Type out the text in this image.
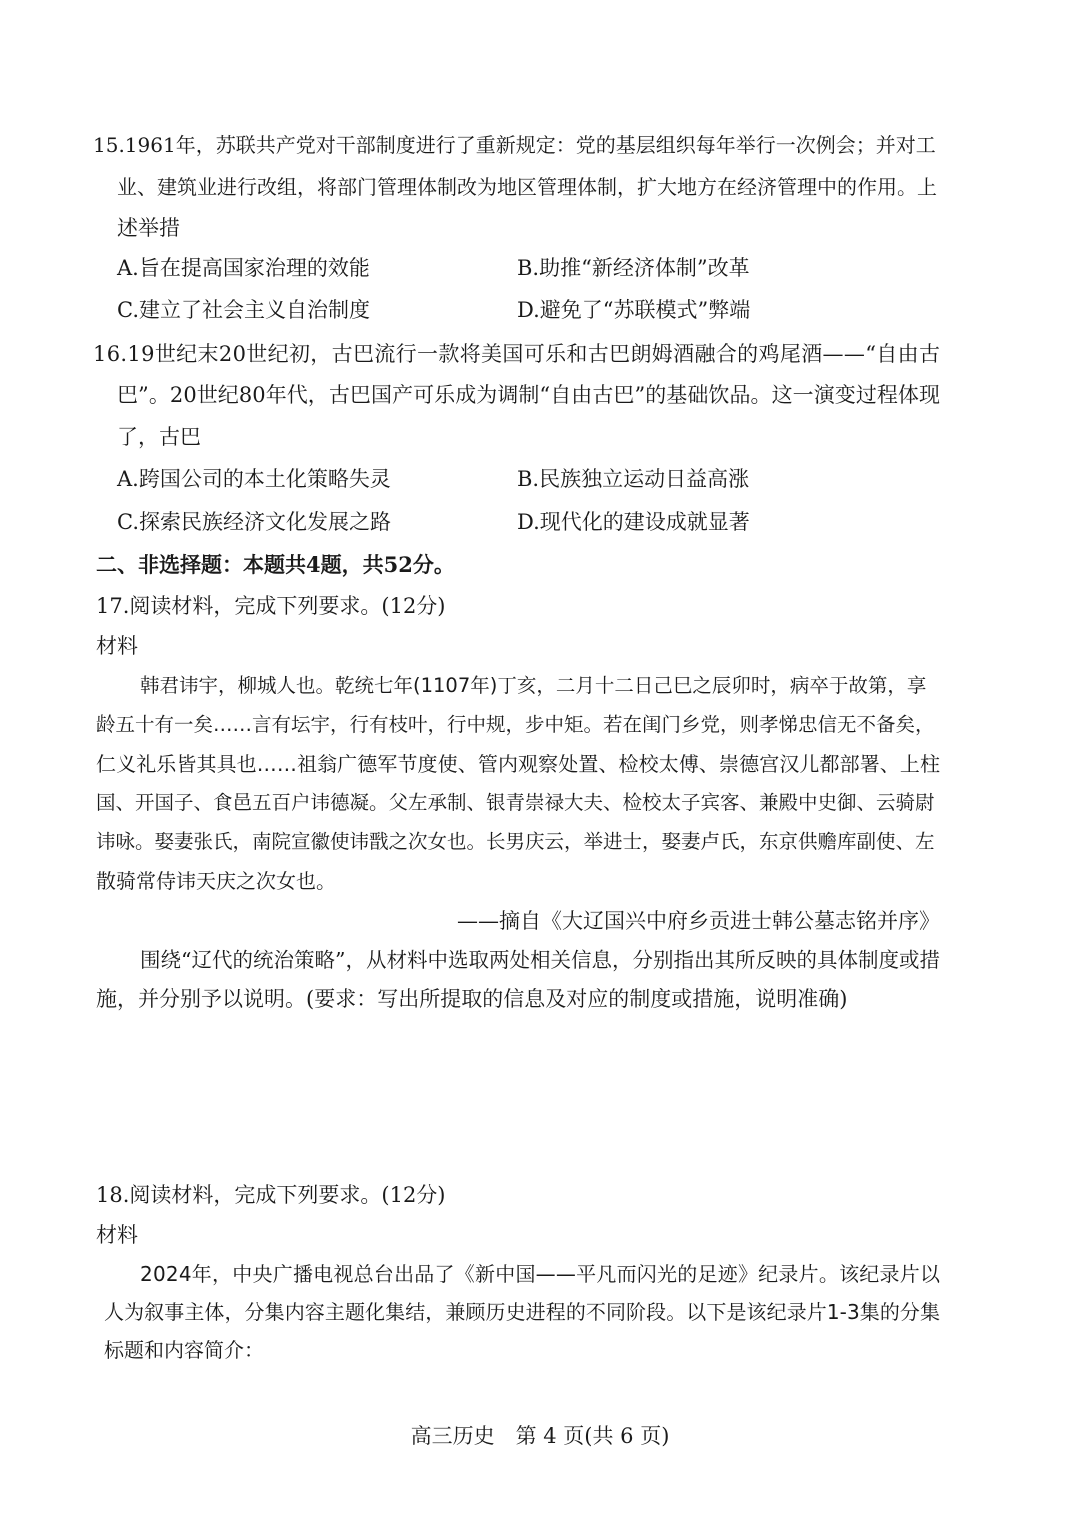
15.1961年，苏联共产党对干部制度进行了重新规定：党的基层组织每年举行一次例会；并对工
业、建筑业进行改组，将部门管理体制改为地区管理体制，扩大地方在经济管理中的作用。上
述举措
A.旨在提高国家治理的效能	B.助推“新经济体制”改革
C.建立了社会主义自治制度	D.避免了“苏联模式”弊端
16.19世纪末20世纪初，古巴流行一款将美国可乐和古巴朗姆酒融合的鸡尾酒——“自由古
巴”。20世纪80年代，古巴国产可乐成为调制“自由古巴”的基础饮品。这一演变过程体现
了，古巴
A.跨国公司的本土化策略失灵	B.民族独立运动日益高涨
C.探索民族经济文化发展之路	D.现代化的建设成就显著
二、非选择题：本题共4题，共52分。
17.阅读材料，完成下列要求。(12分)
材料
韩君讳宇，柳城人也。乾统七年(1107年)丁亥，二月十二日己巳之辰卯时，病卒于故第，享
龄五十有一矣……言有坛宇，行有枝叶，行中规，步中矩。若在闺门乡党，则孝悌忠信无不备矣，
仁义礼乐皆其具也……祖翁广德军节度使、管内观察处置、检校太傅、崇德宫汉儿都部署、上柱
国、开国子、食邑五百户讳德凝。父左承制、银青崇禄大夫、检校太子宾客、兼殿中史御、云骑尉
讳咏。娶妻张氏，南院宣徽使讳戬之次女也。长男庆云，举进士，娶妻卢氏，东京供赡库副使、左
散骑常侍讳天庆之次女也。
——摘自《大辽国兴中府乡贡进士韩公墓志铭并序》
围绕“辽代的统治策略”，从材料中选取两处相关信息，分别指出其所反映的具体制度或措
施，并分别予以说明。(要求：写出所提取的信息及对应的制度或措施，说明准确)
18.阅读材料，完成下列要求。(12分)
材料
2024年，中央广播电视总台出品了《新中国——平凡而闪光的足迹》纪录片。该纪录片以
人为叙事主体，分集内容主题化集结，兼顾历史进程的不同阶段。以下是该纪录片1-3集的分集
标题和内容简介：
高三历史　第 4 页(共 6 页)
